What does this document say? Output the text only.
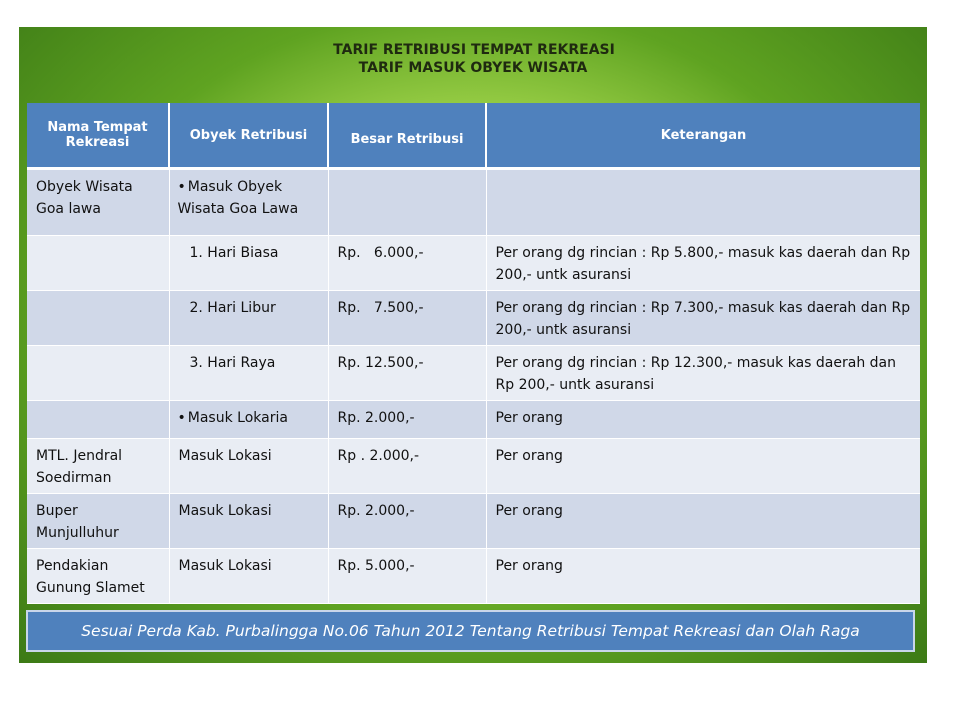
TARIF RETRIBUSI TEMPAT REKREASI
TARIF MASUK OBYEK WISATA
Nama Tempat Rekreasi	Obyek Retribusi	Besar Retribusi	Keterangan
Obyek Wisata Goa lawa	• Masuk Obyek Wisata Goa Lawa

	1. Hari Biasa	Rp.   6.000,-	Per orang dg rincian : Rp 5.800,- masuk kas daerah dan Rp 200,- untk asuransi
	2. Hari Libur	Rp.   7.500,-	Per orang dg rincian : Rp 7.300,- masuk kas daerah dan Rp 200,- untk asuransi
	3. Hari Raya	Rp. 12.500,-	Per orang dg rincian : Rp 12.300,- masuk kas daerah dan Rp 200,- untk asuransi
	• Masuk Lokaria	Rp. 2.000,-	Per orang
MTL. Jendral Soedirman	Masuk Lokasi	Rp . 2.000,-	Per orang
Buper Munjulluhur	Masuk Lokasi	Rp. 2.000,-	Per orang
Pendakian Gunung Slamet	Masuk Lokasi	Rp. 5.000,-	Per orang
Sesuai Perda Kab. Purbalingga No.06 Tahun 2012 Tentang Retribusi Tempat Rekreasi dan Olah Raga
